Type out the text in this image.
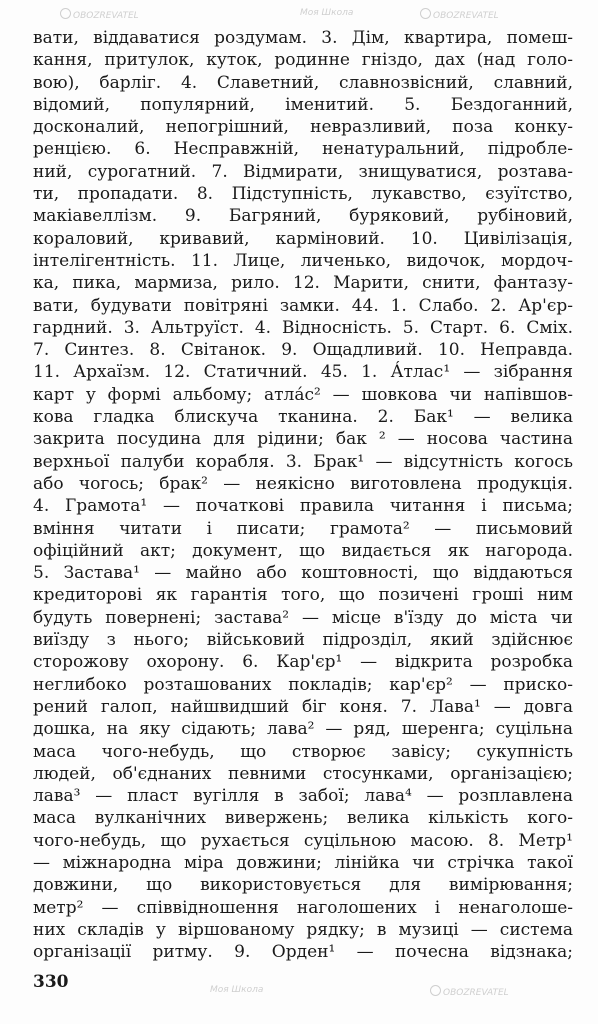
OBOZREVATEL	Моя Школа	OBOZREVATEL
Моя Школа	OBOZREVATEL
вати, віддаватися роздумам. 3. Дім, квартира, помеш-
кання, притулок, куток, родинне гніздо, дах (над голо-
вою), барліг. 4. Славетний, славнозвісний, славний,
відомий, популярний, іменитий. 5. Бездоганний,
досконалий, непогрішний, невразливий, поза конку-
ренцією. 6. Несправжній, ненатуральний, підробле-
ний, сурогатний. 7. Відмирати, знищуватися, розтава-
ти, пропадати. 8. Підступність, лукавство, єзуїтство,
макіавеллізм. 9. Багряний, буряковий, рубіновий,
кораловий, кривавий, карміновий. 10. Цивілізація,
інтелігентність. 11. Лице, личенько, видочок, мордоч-
ка, пика, мармиза, рило. 12. Марити, снити, фантазу-
вати, будувати повітряні замки. 44. 1. Слабо. 2. Ар'єр-
гардний. 3. Альтруїст. 4. Відносність. 5. Старт. 6. Сміх.
7. Синтез. 8. Світанок. 9. Ощадливий. 10. Неправда.
11. Архаїзм. 12. Статичний. 45. 1. А́тлас¹ — зібрання
карт у формі альбому; атла́с² — шовкова чи напівшов-
кова гладка блискуча тканина. 2. Бак¹ — велика
закрита посудина для рідини; бак ² — носова частина
верхньої палуби корабля. 3. Брак¹ — відсутність когось
або чогось; брак² — неякісно виготовлена продукція.
4. Грамота¹ — початкові правила читання і письма;
вміння читати і писати; грамота² — письмовий
офіційний акт; документ, що видається як нагорода.
5. Застава¹ — майно або коштовності, що віддаються
кредиторові як гарантія того, що позичені гроші ним
будуть повернені; застава² — місце в'їзду до міста чи
виїзду з нього; військовий підрозділ, який здійснює
сторожову охорону. 6. Кар'єр¹ — відкрита розробка
неглибоко розташованих покладів; кар'єр² — приско-
рений галоп, найшвидший біг коня. 7. Лава¹ — довга
дошка, на яку сідають; лава² — ряд, шеренга; суцільна
маса чого-небудь, що створює завісу; сукупність
людей, об'єднаних певними стосунками, організацією;
лава³ — пласт вугілля в забої; лава⁴ — розплавлена
маса вулканічних вивержень; велика кількість кого-
чого-небудь, що рухається суцільною масою. 8. Метр¹
— міжнародна міра довжини; лінійка чи стрічка такої
довжини, що використовується для вимірювання;
метр² — співвідношення наголошених і ненаголоше-
них складів у віршованому рядку; в музиці — система
організації ритму. 9. Орден¹ — почесна відзнака;
330
